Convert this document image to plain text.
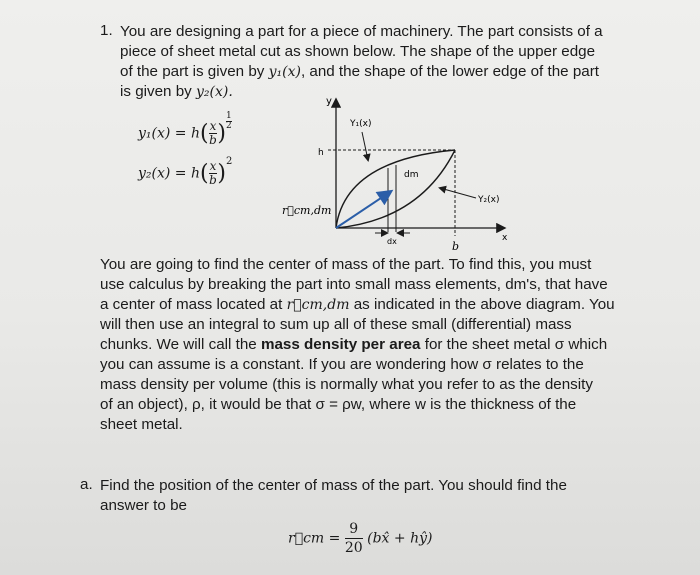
1. You are designing a part for a piece of machinery. The part consists of a
piece of sheet metal cut as shown below. The shape of the upper edge
of the part is given by y₁(x), and the shape of the lower edge of the part
is given by y₂(x).
$y_1(x) = h( \frac{x}{b}$ ) $\frac{1}{2}$
$y_2(x) = h( \frac{x}{b} )^2$
y
x
h
b
dm
dx
Y₁(x)
Y₂(x)
r⃗cm,dm
You are going to find the center of mass of the part. To find this, you must
use calculus by breaking the part into small mass elements, dm's, that have
a center of mass located at r⃗cm,dm as indicated in the above diagram. You
will then use an integral to sum up all of these small (differential) mass
chunks. We will call the mass density per area for the sheet metal σ which
you can assume is a constant. If you are wondering how σ relates to the
mass density per volume (this is normally what you refer to as the density
of an object), ρ, it would be that σ = ρw, where w is the thickness of the
sheet metal.
a. Find the position of the center of mass of the part. You should find the
answer to be
r⃗cm = $\frac{9}{20}$ (bx̂ + hŷ)
